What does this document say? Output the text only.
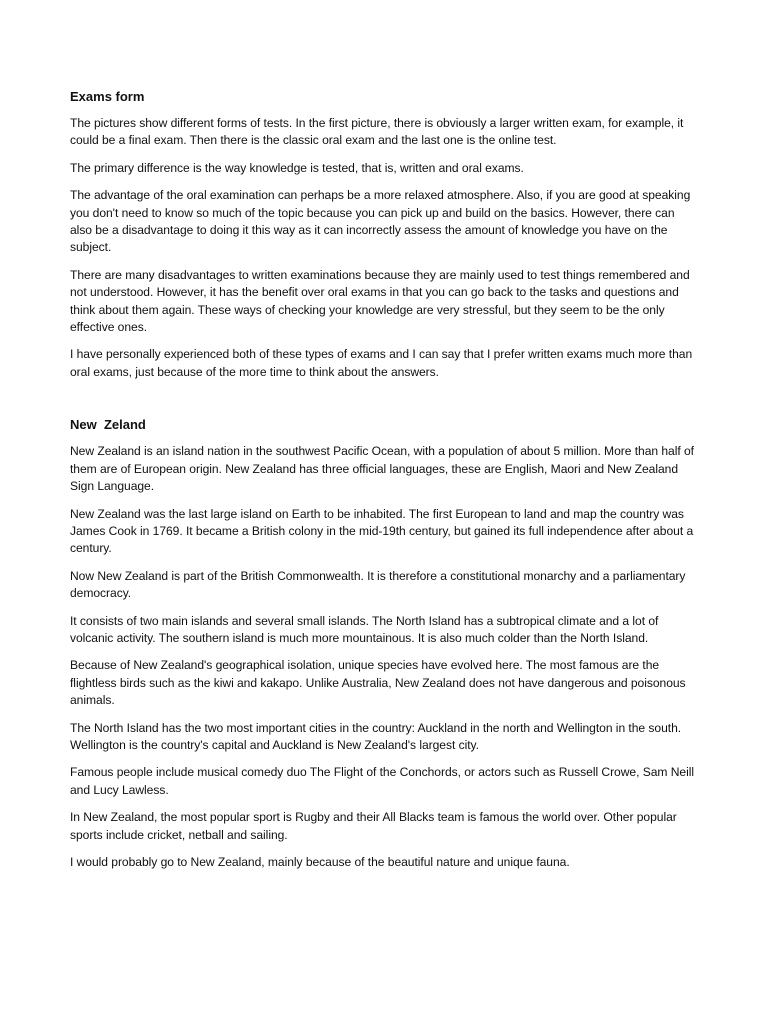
Exams form

The pictures show different forms of tests. In the first picture, there is obviously a larger written exam, for example, it could be a final exam. Then there is the classic oral exam and the last one is the online test.

The primary difference is the way knowledge is tested, that is, written and oral exams.

The advantage of the oral examination can perhaps be a more relaxed atmosphere. Also, if you are good at speaking you don't need to know so much of the topic because you can pick up and build on the basics. However, there can also be a disadvantage to doing it this way as it can incorrectly assess the amount of knowledge you have on the subject.

There are many disadvantages to written examinations because they are mainly used to test things remembered and not understood. However, it has the benefit over oral exams in that you can go back to the tasks and questions and think about them again. These ways of checking your knowledge are very stressful, but they seem to be the only effective ones.

I have personally experienced both of these types of exams and I can say that I prefer written exams much more than oral exams, just because of the more time to think about the answers.

New  Zeland

New Zealand is an island nation in the southwest Pacific Ocean, with a population of about 5 million. More than half of them are of European origin. New Zealand has three official languages, these are English, Maori and New Zealand Sign Language.

New Zealand was the last large island on Earth to be inhabited. The first European to land and map the country was James Cook in 1769. It became a British colony in the mid-19th century, but gained its full independence after about a century.

Now New Zealand is part of the British Commonwealth. It is therefore a constitutional monarchy and a parliamentary democracy.

It consists of two main islands and several small islands. The North Island has a subtropical climate and a lot of volcanic activity. The southern island is much more mountainous. It is also much colder than the North Island.

Because of New Zealand's geographical isolation, unique species have evolved here. The most famous are the flightless birds such as the kiwi and kakapo. Unlike Australia, New Zealand does not have dangerous and poisonous animals.

The North Island has the two most important cities in the country: Auckland in the north and Wellington in the south. Wellington is the country's capital and Auckland is New Zealand's largest city.

Famous people include musical comedy duo The Flight of the Conchords, or actors such as Russell Crowe, Sam Neill and Lucy Lawless.

In New Zealand, the most popular sport is Rugby and their All Blacks team is famous the world over. Other popular sports include cricket, netball and sailing.

I would probably go to New Zealand, mainly because of the beautiful nature and unique fauna.
